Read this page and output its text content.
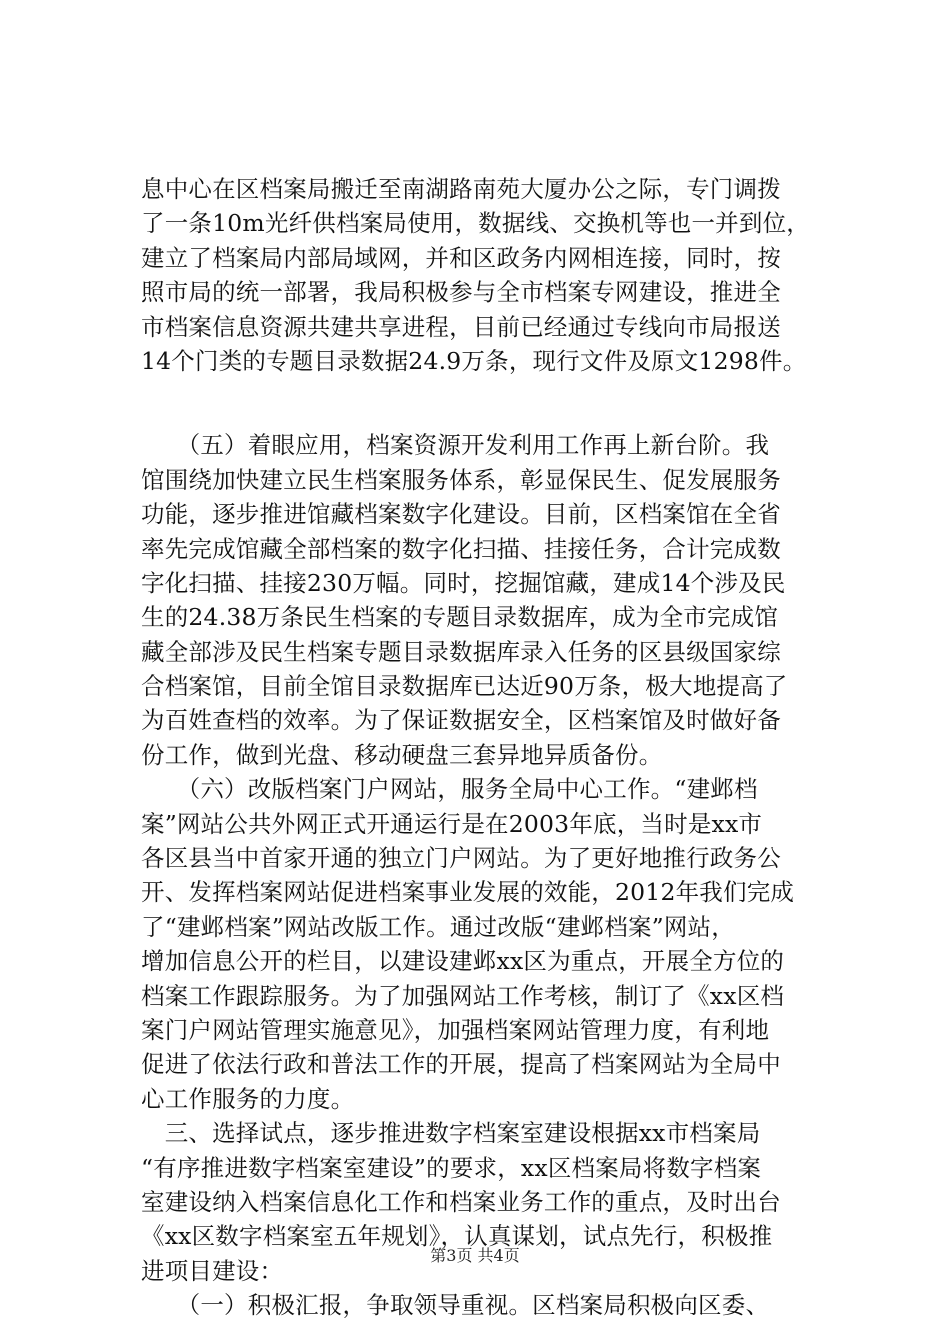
息中心在区档案局搬迁至南湖路南苑大厦办公之际，专门调拨
了一条10m光纤供档案局使用，数据线、交换机等也一并到位，
建立了档案局内部局域网，并和区政务内网相连接，同时，按
照市局的统一部署，我局积极参与全市档案专网建设，推进全
市档案信息资源共建共享进程，目前已经通过专线向市局报送
14个门类的专题目录数据24.9万条，现行文件及原文1298件。
　　（五）着眼应用，档案资源开发利用工作再上新台阶。我
馆围绕加快建立民生档案服务体系，彰显保民生、促发展服务
功能，逐步推进馆藏档案数字化建设。目前，区档案馆在全省
率先完成馆藏全部档案的数字化扫描、挂接任务，合计完成数
字化扫描、挂接230万幅。同时，挖掘馆藏，建成14个涉及民
生的24.38万条民生档案的专题目录数据库，成为全市完成馆
藏全部涉及民生档案专题目录数据库录入任务的区县级国家综
合档案馆，目前全馆目录数据库已达近90万条，极大地提高了
为百姓查档的效率。为了保证数据安全，区档案馆及时做好备
份工作，做到光盘、移动硬盘三套异地异质备份。
　　（六）改版档案门户网站，服务全局中心工作。“建邺档
案”网站公共外网正式开通运行是在2003年底，当时是xx市
各区县当中首家开通的独立门户网站。为了更好地推行政务公
开、发挥档案网站促进档案事业发展的效能，2012年我们完成
了“建邺档案”网站改版工作。通过改版“建邺档案”网站，
增加信息公开的栏目，以建设建邺xx区为重点，开展全方位的
档案工作跟踪服务。为了加强网站工作考核，制订了《xx区档
案门户网站管理实施意见》，加强档案网站管理力度，有利地
促进了依法行政和普法工作的开展，提高了档案网站为全局中
心工作服务的力度。
　三、选择试点，逐步推进数字档案室建设根据xx市档案局
“有序推进数字档案室建设”的要求，xx区档案局将数字档案
室建设纳入档案信息化工作和档案业务工作的重点，及时出台
《xx区数字档案室五年规划》，认真谋划，试点先行，积极推
进项目建设：
　　（一）积极汇报，争取领导重视。区档案局积极向区委、
第3页 共4页
